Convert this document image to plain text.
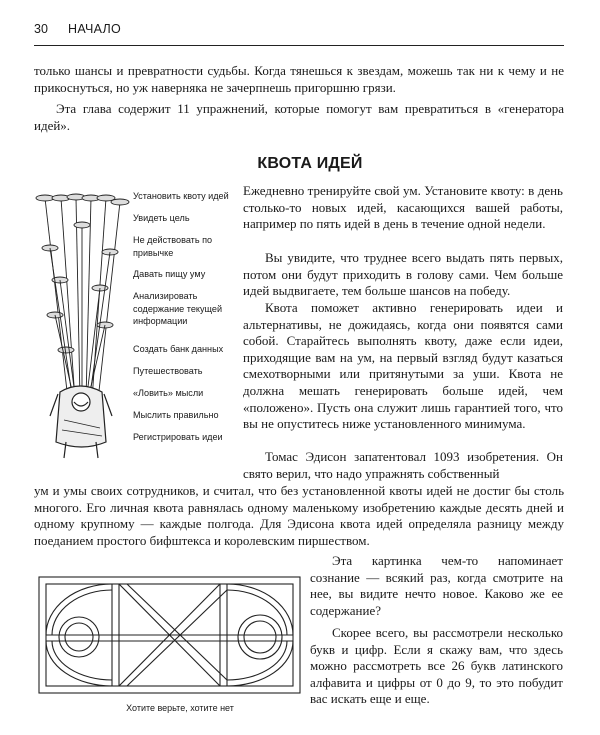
30 НАЧАЛО

только шансы и превратности судьбы. Когда тянешься к звездам, можешь так ни к чему и не прикоснуться, но уж наверняка не зачерпнешь пригоршню грязи.

Эта глава содержит 11 упражнений, которые помогут вам превратиться в «генератора идей».

КВОТА ИДЕЙ
Установить квоту идей
Увидеть цель
Не действовать по привычке
Давать пищу уму
Анализировать содержание текущей информации
Создать банк данных
Путешествовать
«Ловить» мысли
Мыслить правильно
Регистрировать идеи

Ежедневно тренируйте свой ум. Установите квоту: в день столько-то новых идей, касающихся вашей работы, например по пять идей в день в течение одной недели.

Вы увидите, что труднее всего выдать пять первых, потом они будут приходить в голову сами. Чем больше идей выдвигаете, тем больше шансов на победу.

Квота поможет активно генерировать идеи и альтернативы, не дожидаясь, когда они появятся сами собой. Старайтесь выполнять квоту, даже если идеи, приходящие вам на ум, на первый взгляд будут казаться смехотворными или притянутыми за уши. Квота не должна мешать генерировать больше идей, чем «положено». Пусть она служит лишь гарантией того, что вы не опуститесь ниже установленного минимума.

Томас Эдисон запатентовал 1093 изобретения. Он свято верил, что надо упражнять собственный

ум и умы своих сотрудников, и считал, что без установленной квоты идей не достиг бы столь многого. Его личная квота равнялась одному маленькому изобретению каждые десять дней и одному крупному — каждые полгода. Для Эдисона квота идей определяла разницу между поеданием простого бифштекса и королевским пиршеством.

Хотите верьте, хотите нет

Эта картинка чем-то напоминает сознание — всякий раз, когда смотрите на нее, вы видите нечто новое. Каково же ее содержание?

Скорее всего, вы рассмотрели несколько букв и цифр. Если я скажу вам, что здесь можно рассмотреть все 26 букв латинского алфавита и цифры от 0 до 9, то это побудит вас искать еще и еще.
